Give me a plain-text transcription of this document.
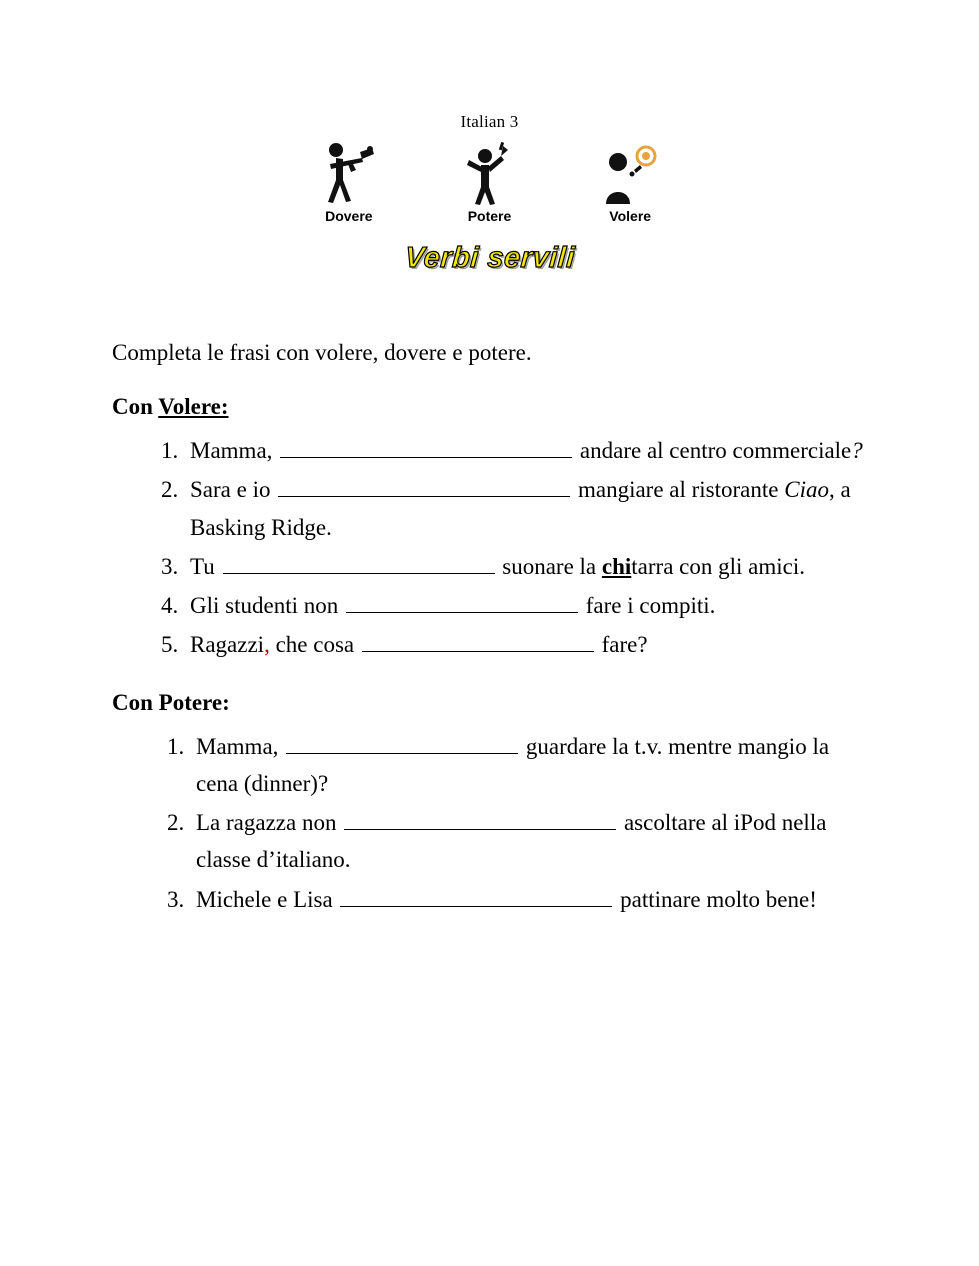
Italian 3
Dovere	Potere	Volere
Verbi servili
Completa le frasi con volere, dovere e potere.
Con Volere:
1. Mamma,	andare al centro commerciale?
2. Sara e io	mangiare al ristorante Ciao, a Basking Ridge.
3. Tu	suonare la chitarra con gli amici.
4. Gli studenti non	fare i compiti.
5. Ragazzi, che cosa	fare?
Con Potere:
1. Mamma,	guardare la t.v. mentre mangio la cena (dinner)?
2. La ragazza non	ascoltare al iPod nella classe d’italiano.
3. Michele e Lisa	pattinare molto bene!
